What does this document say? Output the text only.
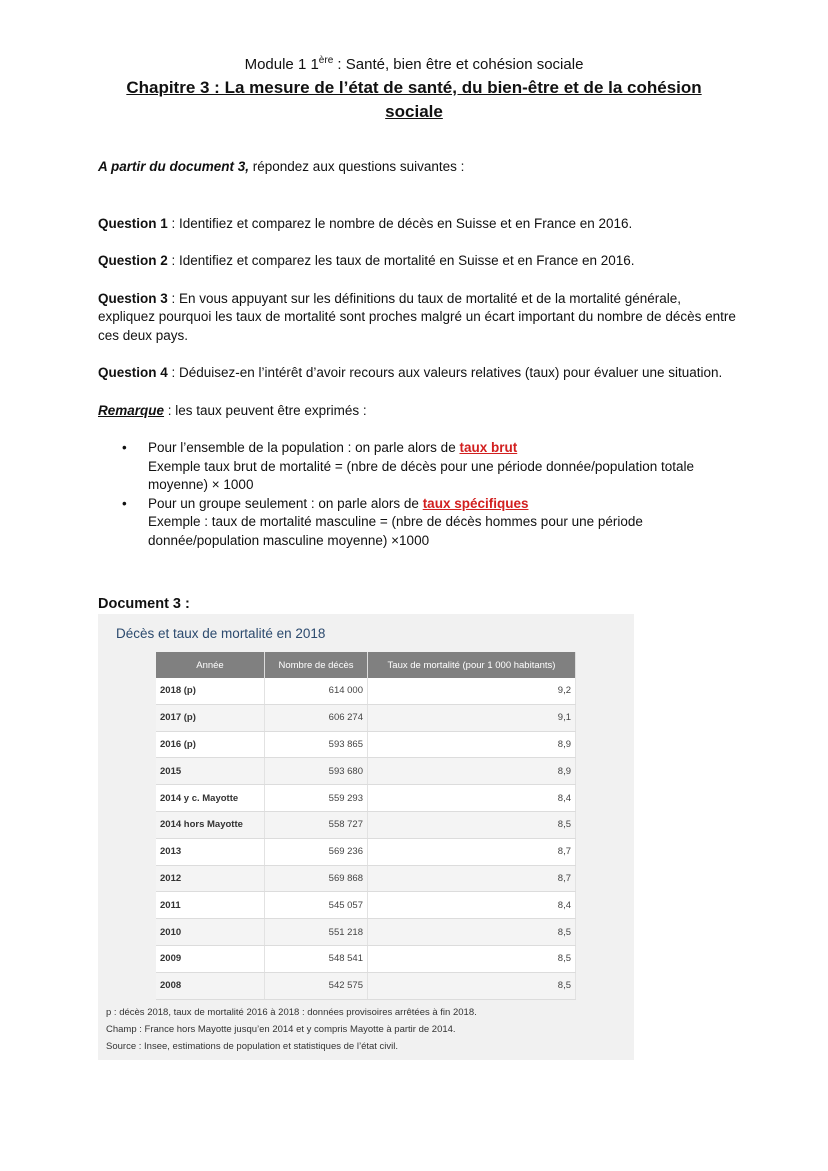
Module 1 1ère : Santé, bien être et cohésion sociale
Chapitre 3 : La mesure de l’état de santé, du bien-être et de la cohésion sociale

A partir du document 3, répondez aux questions suivantes :

Question 1 : Identifiez et comparez le nombre de décès en Suisse et en France en 2016.

Question 2 : Identifiez et comparez les taux de mortalité en Suisse et en France en 2016.

Question 3 : En vous appuyant sur les définitions du taux de mortalité et de la mortalité générale, expliquez pourquoi les taux de mortalité sont proches malgré un écart important du nombre de décès entre ces deux pays.

Question 4 : Déduisez-en l’intérêt d’avoir recours aux valeurs relatives (taux) pour évaluer une situation.

Remarque : les taux peuvent être exprimés :

• Pour l’ensemble de la population : on parle alors de taux brut
Exemple taux brut de mortalité = (nbre de décès pour une période donnée/population totale moyenne) × 1000
• Pour un groupe seulement : on parle alors de taux spécifiques
Exemple : taux de mortalité masculine = (nbre de décès hommes pour une période donnée/population masculine moyenne) ×1000
Document 3 :
Décès et taux de mortalité en 2018
Année	Nombre de décès	Taux de mortalité (pour 1 000 habitants)
2018 (p)	614 000	9,2
2017 (p)	606 274	9,1
2016 (p)	593 865	8,9
2015	593 680	8,9
2014 y c. Mayotte	559 293	8,4
2014 hors Mayotte	558 727	8,5
2013	569 236	8,7
2012	569 868	8,7
2011	545 057	8,4
2010	551 218	8,5
2009	548 541	8,5
2008	542 575	8,5
p : décès 2018, taux de mortalité 2016 à 2018 : données provisoires arrêtées à fin 2018.
Champ : France hors Mayotte jusqu’en 2014 et y compris Mayotte à partir de 2014.
Source : Insee, estimations de population et statistiques de l’état civil.
